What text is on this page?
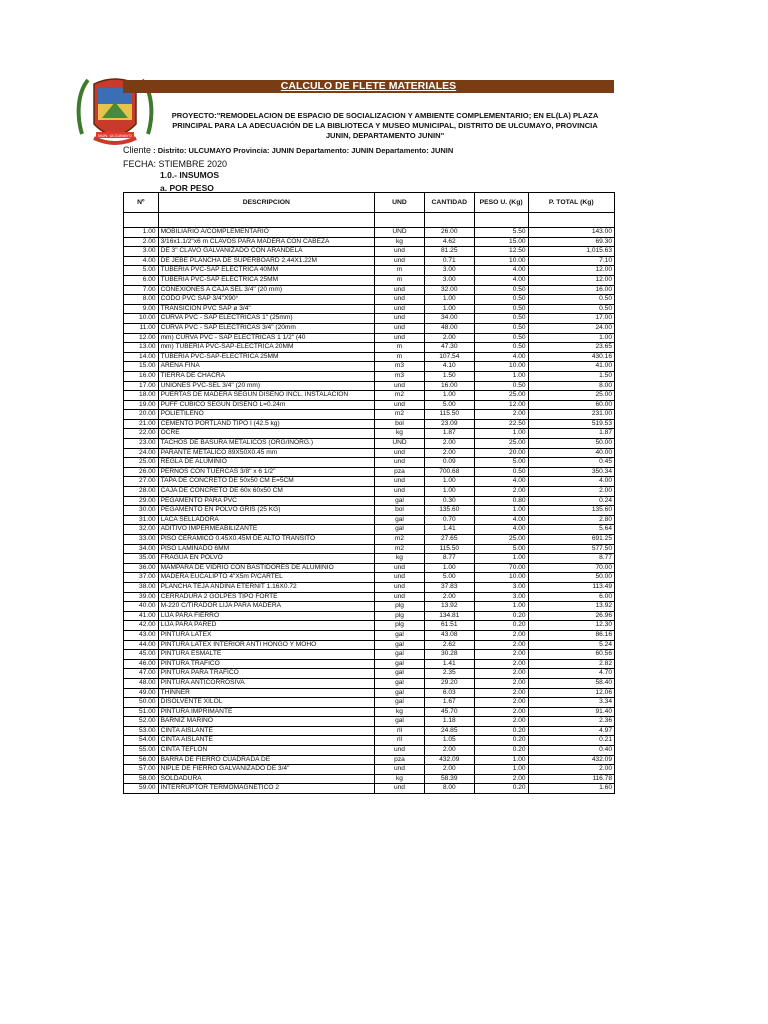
MUN. ULCUMAYO
CALCULO DE FLETE MATERIALES
PROYECTO:"REMODELACION DE ESPACIO DE SOCIALIZACION Y AMBIENTE COMPLEMENTARIO; EN EL(LA) PLAZA PRINCIPAL PARA LA ADECUACIÓN DE LA BIBLIOTECA Y MUSEO MUNICIPAL, DISTRITO DE ULCUMAYO, PROVINCIA JUNIN, DEPARTAMENTO JUNIN"
Cliente : Distrito: ULCUMAYO Provincia: JUNIN Departamento: JUNIN Departamento: JUNIN
FECHA: STIEMBRE 2020
1.0.- INSUMOS
a. POR PESO
Nº	DESCRIPCION	UND	CANTIDAD	PESO U. (Kg)	P. TOTAL (Kg)

1.00	MOBILIARIO A/COMPLEMENTARIO	UND	26.00	5.50	143.00
2.00	3/16x1.1/2"x6 m CLAVOS PARA MADERA CON CABEZA	kg	4.62	15.00	69.30
3.00	DE 3" CLAVO GALVANIZADO CON ARANDELA	und	81.25	12.50	1,015.63
4.00	DE JEBE PLANCHA DE SUPERBOARD 2.44X1.22M	und	0.71	10.00	7.10
5.00	TUBERIA PVC-SAP ELECTRICA 40MM	m	3.00	4.00	12.00
6.00	TUBERIA PVC-SAP ELECTRICA 25MM	m	3.00	4.00	12.00
7.00	CONEXIONES A CAJA SEL 3/4" (20 mm)	und	32.00	0.50	16.00
8.00	CODO PVC SAP 3/4"X90°	und	1.00	0.50	0.50
9.00	TRANSICION PVC SAP ø 3/4"	und	1.00	0.50	0.50
10.00	CURVA PVC - SAP ELECTRICAS 1" (25mm)	und	34.00	0.50	17.00
11.00	CURVA PVC - SAP ELECTRICAS 3/4" (20mm	und	48.00	0.50	24.00
12.00	mm) CURVA PVC - SAP ELECTRICAS 1 1/2" (40	und	2.00	0.50	1.00
13.00	mm) TUBERIA PVC-SAP-ELECTRICA 20MM	m	47.30	0.50	23.65
14.00	TUBERIA PVC-SAP-ELECTRICA 25MM	m	107.54	4.00	430.16
15.00	ARENA FINA	m3	4.10	10.00	41.00
16.00	TIERRA DE CHACRA	m3	1.50	1.00	1.50
17.00	UNIONES PVC-SEL 3/4" (20 mm)	und	16.00	0.50	8.00
18.00	PUERTAS DE MADERA SEGUN DISEÑO INCL. INSTALACION	m2	1.00	25.00	25.00
19.00	PUFF CUBICO SEGÚN DISEÑO L=0.24m	und	5.00	12.00	60.00
20.00	POLIETILENO	m2	115.50	2.00	231.00
21.00	CEMENTO PORTLAND TIPO I (42.5 kg)	bol	23.09	22.50	519.53
22.00	OCRE	kg	1.87	1.00	1.87
23.00	TACHOS DE BASURA METALICOS (ORG/INORG.)	UND	2.00	25.00	50.00
24.00	PARANTE METALICO 89X50X0.45 mm	und	2.00	20.00	40.00
25.00	REGLA DE ALUMINIO	und	0.09	5.00	0.45
26.00	PERNOS CON TUERCAS 3/8" x 6 1/2"	pza	700.68	0.50	350.34
27.00	TAPA DE CONCRETO DE 50x50 CM E=5CM	und	1.00	4.00	4.00
28.00	CAJA DE CONCRETO DE 60x 60x50 CM	und	1.00	2.00	2.00
29.00	PEGAMENTO PARA PVC	gal	0.30	0.80	0.24
30.00	PEGAMENTO EN POLVO GRIS (25 KG)	bol	135.60	1.00	135.60
31.00	LACA SELLADORA	gal	0.70	4.00	2.80
32.00	ADITIVO IMPERMEABILIZANTE	gal	1.41	4.00	5.64
33.00	PISO CERAMICO 0.45X0.45M DE ALTO TRANSITO	m2	27.65	25.00	691.25
34.00	PISO LAMINADO 6MM	m2	115.50	5.00	577.50
35.00	FRAGUA EN POLVO	kg	8.77	1.00	8.77
36.00	MAMPARA DE VIDRIO CON BASTIDORES DE ALUMINIO	und	1.00	70.00	70.00
37.00	MADERA EUCALIPTO 4"X5m P/CARTEL	und	5.00	10.00	50.00
38.00	PLANCHA TEJA ANDINA ETERNIT 1.16X0.72	und	37.83	3.00	113.49
39.00	CERRADURA 2 GOLPES TIPO FORTE	und	2.00	3.00	6.00
40.00	M-220 C/TIRADOR LIJA PARA MADERA	plg	13.92	1.00	13.92
41.00	LIJA PARA FIERRO	plg	134.81	0.20	26.96
42.00	LIJA PARA PARED	plg	61.51	0.20	12.30
43.00	PINTURA LATEX	gal	43.08	2.00	86.16
44.00	PINTURA LATEX INTERIOR ANTI HONGO Y MOHO	gal	2.62	2.00	5.24
45.00	PINTURA ESMALTE	gal	30.28	2.00	60.56
46.00	PINTURA TRAFICO	gal	1.41	2.00	2.82
47.00	PINTURA PARA TRAFICO	gal	2.35	2.00	4.70
48.00	PINTURA ANTICORROSIVA	gal	29.20	2.00	58.40
49.00	THINNER	gal	6.03	2.00	12.06
50.00	DISOLVENTE XILOL	gal	1.67	2.00	3.34
51.00	PINTURA IMPRIMANTE	kg	45.70	2.00	91.40
52.00	BARNIZ MARINO	gal	1.18	2.00	2.36
53.00	CINTA AISLANTE	rll	24.85	0.20	4.97
54.00	CINTA AISLANTE	rll	1.05	0.20	0.21
55.00	CINTA TEFLON	und	2.00	0.20	0.40
56.00	BARRA DE FIERRO CUADRADA DE	pza	432.09	1.00	432.09
57.00	NIPLE DE FIERRO GALVANIZADO DE 3/4"	und	2.00	1.00	2.00
58.00	SOLDADURA	kg	58.39	2.00	116.78
59.00	INTERRUPTOR TERMOMAGNETICO 2	und	8.00	0.20	1.60
